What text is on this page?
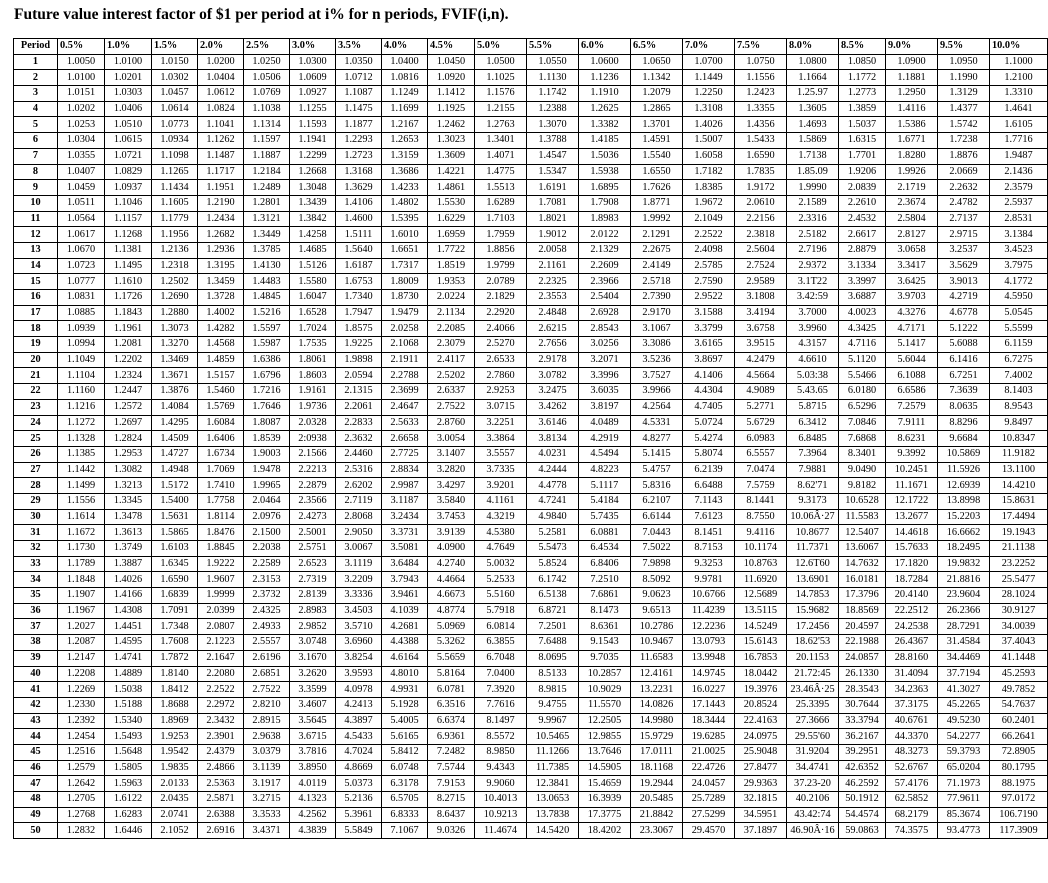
Future value interest factor of $1 per period at i% for n periods, FVIF(i,n).
Period	0.5%	1.0%	1.5%	2.0%	2.5%	3.0%	3.5%	4.0%	4.5%	5.0%	5.5%	6.0%	6.5%	7.0%	7.5%	8.0%	8.5%	9.0%	9.5%	10.0%
1	1.0050	1.0100	1.0150	1.0200	1.0250	1.0300	1.0350	1.0400	1.0450	1.0500	1.0550	1.0600	1.0650	1.0700	1.0750	1.0800	1.0850	1.0900	1.0950	1.1000
2	1.0100	1.0201	1.0302	1.0404	1.0506	1.0609	1.0712	1.0816	1.0920	1.1025	1.1130	1.1236	1.1342	1.1449	1.1556	1.1664	1.1772	1.1881	1.1990	1.2100
3	1.0151	1.0303	1.0457	1.0612	1.0769	1.0927	1.1087	1.1249	1.1412	1.1576	1.1742	1.1910	1.2079	1.2250	1.2423	1.25.97	1.2773	1.2950	1.3129	1.3310
4	1.0202	1.0406	1.0614	1.0824	1.1038	1.1255	1.1475	1.1699	1.1925	1.2155	1.2388	1.2625	1.2865	1.3108	1.3355	1.3605	1.3859	1.4116	1.4377	1.4641
5	1.0253	1.0510	1.0773	1.1041	1.1314	1.1593	1.1877	1.2167	1.2462	1.2763	1.3070	1.3382	1.3701	1.4026	1.4356	1.4693	1.5037	1.5386	1.5742	1.6105
6	1.0304	1.0615	1.0934	1.1262	1.1597	1.1941	1.2293	1.2653	1.3023	1.3401	1.3788	1.4185	1.4591	1.5007	1.5433	1.5869	1.6315	1.6771	1.7238	1.7716
7	1.0355	1.0721	1.1098	1.1487	1.1887	1.2299	1.2723	1.3159	1.3609	1.4071	1.4547	1.5036	1.5540	1.6058	1.6590	1.7138	1.7701	1.8280	1.8876	1.9487
8	1.0407	1.0829	1.1265	1.1717	1.2184	1.2668	1.3168	1.3686	1.4221	1.4775	1.5347	1.5938	1.6550	1.7182	1.7835	1.85.09	1.9206	1.9926	2.0669	2.1436
9	1.0459	1.0937	1.1434	1.1951	1.2489	1.3048	1.3629	1.4233	1.4861	1.5513	1.6191	1.6895	1.7626	1.8385	1.9172	1.9990	2.0839	2.1719	2.2632	2.3579
10	1.0511	1.1046	1.1605	1.2190	1.2801	1.3439	1.4106	1.4802	1.5530	1.6289	1.7081	1.7908	1.8771	1.9672	2.0610	2.1589	2.2610	2.3674	2.4782	2.5937
11	1.0564	1.1157	1.1779	1.2434	1.3121	1.3842	1.4600	1.5395	1.6229	1.7103	1.8021	1.8983	1.9992	2.1049	2.2156	2.3316	2.4532	2.5804	2.7137	2.8531
12	1.0617	1.1268	1.1956	1.2682	1.3449	1.4258	1.5111	1.6010	1.6959	1.7959	1.9012	2.0122	2.1291	2.2522	2.3818	2.5182	2.6617	2.8127	2.9715	3.1384
13	1.0670	1.1381	1.2136	1.2936	1.3785	1.4685	1.5640	1.6651	1.7722	1.8856	2.0058	2.1329	2.2675	2.4098	2.5604	2.7196	2.8879	3.0658	3.2537	3.4523
14	1.0723	1.1495	1.2318	1.3195	1.4130	1.5126	1.6187	1.7317	1.8519	1.9799	2.1161	2.2609	2.4149	2.5785	2.7524	2.9372	3.1334	3.3417	3.5629	3.7975
15	1.0777	1.1610	1.2502	1.3459	1.4483	1.5580	1.6753	1.8009	1.9353	2.0789	2.2325	2.3966	2.5718	2.7590	2.9589	3.1T22	3.3997	3.6425	3.9013	4.1772
16	1.0831	1.1726	1.2690	1.3728	1.4845	1.6047	1.7340	1.8730	2.0224	2.1829	2.3553	2.5404	2.7390	2.9522	3.1808	3.42:59	3.6887	3.9703	4.2719	4.5950
17	1.0885	1.1843	1.2880	1.4002	1.5216	1.6528	1.7947	1.9479	2.1134	2.2920	2.4848	2.6928	2.9170	3.1588	3.4194	3.7000	4.0023	4.3276	4.6778	5.0545
18	1.0939	1.1961	1.3073	1.4282	1.5597	1.7024	1.8575	2.0258	2.2085	2.4066	2.6215	2.8543	3.1067	3.3799	3.6758	3.9960	4.3425	4.7171	5.1222	5.5599
19	1.0994	1.2081	1.3270	1.4568	1.5987	1.7535	1.9225	2.1068	2.3079	2.5270	2.7656	3.0256	3.3086	3.6165	3.9515	4.3157	4.7116	5.1417	5.6088	6.1159
20	1.1049	1.2202	1.3469	1.4859	1.6386	1.8061	1.9898	2.1911	2.4117	2.6533	2.9178	3.2071	3.5236	3.8697	4.2479	4.6610	5.1120	5.6044	6.1416	6.7275
21	1.1104	1.2324	1.3671	1.5157	1.6796	1.8603	2.0594	2.2788	2.5202	2.7860	3.0782	3.3996	3.7527	4.1406	4.5664	5.03:38	5.5466	6.1088	6.7251	7.4002
22	1.1160	1.2447	1.3876	1.5460	1.7216	1.9161	2.1315	2.3699	2.6337	2.9253	3.2475	3.6035	3.9966	4.4304	4.9089	5.43.65	6.0180	6.6586	7.3639	8.1403
23	1.1216	1.2572	1.4084	1.5769	1.7646	1.9736	2.2061	2.4647	2.7522	3.0715	3.4262	3.8197	4.2564	4.7405	5.2771	5.8715	6.5296	7.2579	8.0635	8.9543
24	1.1272	1.2697	1.4295	1.6084	1.8087	2.0328	2.2833	2.5633	2.8760	3.2251	3.6146	4.0489	4.5331	5.0724	5.6729	6.3412	7.0846	7.9111	8.8296	9.8497
25	1.1328	1.2824	1.4509	1.6406	1.8539	2:0938	2.3632	2.6658	3.0054	3.3864	3.8134	4.2919	4.8277	5.4274	6.0983	6.8485	7.6868	8.6231	9.6684	10.8347
26	1.1385	1.2953	1.4727	1.6734	1.9003	2.1566	2.4460	2.7725	3.1407	3.5557	4.0231	4.5494	5.1415	5.8074	6.5557	7.3964	8.3401	9.3992	10.5869	11.9182
27	1.1442	1.3082	1.4948	1.7069	1.9478	2.2213	2.5316	2.8834	3.2820	3.7335	4.2444	4.8223	5.4757	6.2139	7.0474	7.9881	9.0490	10.2451	11.5926	13.1100
28	1.1499	1.3213	1.5172	1.7410	1.9965	2.2879	2.6202	2.9987	3.4297	3.9201	4.4778	5.1117	5.8316	6.6488	7.5759	8.62'71	9.8182	11.1671	12.6939	14.4210
29	1.1556	1.3345	1.5400	1.7758	2.0464	2.3566	2.7119	3.1187	3.5840	4.1161	4.7241	5.4184	6.2107	7.1143	8.1441	9.3173	10.6528	12.1722	13.8998	15.8631
30	1.1614	1.3478	1.5631	1.8114	2.0976	2.4273	2.8068	3.2434	3.7453	4.3219	4.9840	5.7435	6.6144	7.6123	8.7550	10.06Â·27	11.5583	13.2677	15.2203	17.4494
31	1.1672	1.3613	1.5865	1.8476	2.1500	2.5001	2.9050	3.3731	3.9139	4.5380	5.2581	6.0881	7.0443	8.1451	9.4116	10.8677	12.5407	14.4618	16.6662	19.1943
32	1.1730	1.3749	1.6103	1.8845	2.2038	2.5751	3.0067	3.5081	4.0900	4.7649	5.5473	6.4534	7.5022	8.7153	10.1174	11.7371	13.6067	15.7633	18.2495	21.1138
33	1.1789	1.3887	1.6345	1.9222	2.2589	2.6523	3.1119	3.6484	4.2740	5.0032	5.8524	6.8406	7.9898	9.3253	10.8763	12.6T60	14.7632	17.1820	19.9832	23.2252
34	1.1848	1.4026	1.6590	1.9607	2.3153	2.7319	3.2209	3.7943	4.4664	5.2533	6.1742	7.2510	8.5092	9.9781	11.6920	13.6901	16.0181	18.7284	21.8816	25.5477
35	1.1907	1.4166	1.6839	1.9999	2.3732	2.8139	3.3336	3.9461	4.6673	5.5160	6.5138	7.6861	9.0623	10.6766	12.5689	14.7853	17.3796	20.4140	23.9604	28.1024
36	1.1967	1.4308	1.7091	2.0399	2.4325	2.8983	3.4503	4.1039	4.8774	5.7918	6.8721	8.1473	9.6513	11.4239	13.5115	15.9682	18.8569	22.2512	26.2366	30.9127
37	1.2027	1.4451	1.7348	2.0807	2.4933	2.9852	3.5710	4.2681	5.0969	6.0814	7.2501	8.6361	10.2786	12.2236	14.5249	17.2456	20.4597	24.2538	28.7291	34.0039
38	1.2087	1.4595	1.7608	2.1223	2.5557	3.0748	3.6960	4.4388	5.3262	6.3855	7.6488	9.1543	10.9467	13.0793	15.6143	18.62'53	22.1988	26.4367	31.4584	37.4043
39	1.2147	1.4741	1.7872	2.1647	2.6196	3.1670	3.8254	4.6164	5.5659	6.7048	8.0695	9.7035	11.6583	13.9948	16.7853	20.1153	24.0857	28.8160	34.4469	41.1448
40	1.2208	1.4889	1.8140	2.2080	2.6851	3.2620	3.9593	4.8010	5.8164	7.0400	8.5133	10.2857	12.4161	14.9745	18.0442	21.72:45	26.1330	31.4094	37.7194	45.2593
41	1.2269	1.5038	1.8412	2.2522	2.7522	3.3599	4.0978	4.9931	6.0781	7.3920	8.9815	10.9029	13.2231	16.0227	19.3976	23.46Â·25	28.3543	34.2363	41.3027	49.7852
42	1.2330	1.5188	1.8688	2.2972	2.8210	3.4607	4.2413	5.1928	6.3516	7.7616	9.4755	11.5570	14.0826	17.1443	20.8524	25.3395	30.7644	37.3175	45.2265	54.7637
43	1.2392	1.5340	1.8969	2.3432	2.8915	3.5645	4.3897	5.4005	6.6374	8.1497	9.9967	12.2505	14.9980	18.3444	22.4163	27.3666	33.3794	40.6761	49.5230	60.2401
44	1.2454	1.5493	1.9253	2.3901	2.9638	3.6715	4.5433	5.6165	6.9361	8.5572	10.5465	12.9855	15.9729	19.6285	24.0975	29.55'60	36.2167	44.3370	54.2277	66.2641
45	1.2516	1.5648	1.9542	2.4379	3.0379	3.7816	4.7024	5.8412	7.2482	8.9850	11.1266	13.7646	17.0111	21.0025	25.9048	31.9204	39.2951	48.3273	59.3793	72.8905
46	1.2579	1.5805	1.9835	2.4866	3.1139	3.8950	4.8669	6.0748	7.5744	9.4343	11.7385	14.5905	18.1168	22.4726	27.8477	34.4741	42.6352	52.6767	65.0204	80.1795
47	1.2642	1.5963	2.0133	2.5363	3.1917	4.0119	5.0373	6.3178	7.9153	9.9060	12.3841	15.4659	19.2944	24.0457	29.9363	37.23-20	46.2592	57.4176	71.1973	88.1975
48	1.2705	1.6122	2.0435	2.5871	3.2715	4.1323	5.2136	6.5705	8.2715	10.4013	13.0653	16.3939	20.5485	25.7289	32.1815	40.2106	50.1912	62.5852	77.9611	97.0172
49	1.2768	1.6283	2.0741	2.6388	3.3533	4.2562	5.3961	6.8333	8.6437	10.9213	13.7838	17.3775	21.8842	27.5299	34.5951	43.42:74	54.4574	68.2179	85.3674	106.7190
50	1.2832	1.6446	2.1052	2.6916	3.4371	4.3839	5.5849	7.1067	9.0326	11.4674	14.5420	18.4202	23.3067	29.4570	37.1897	46.90Â·16	59.0863	74.3575	93.4773	117.3909
